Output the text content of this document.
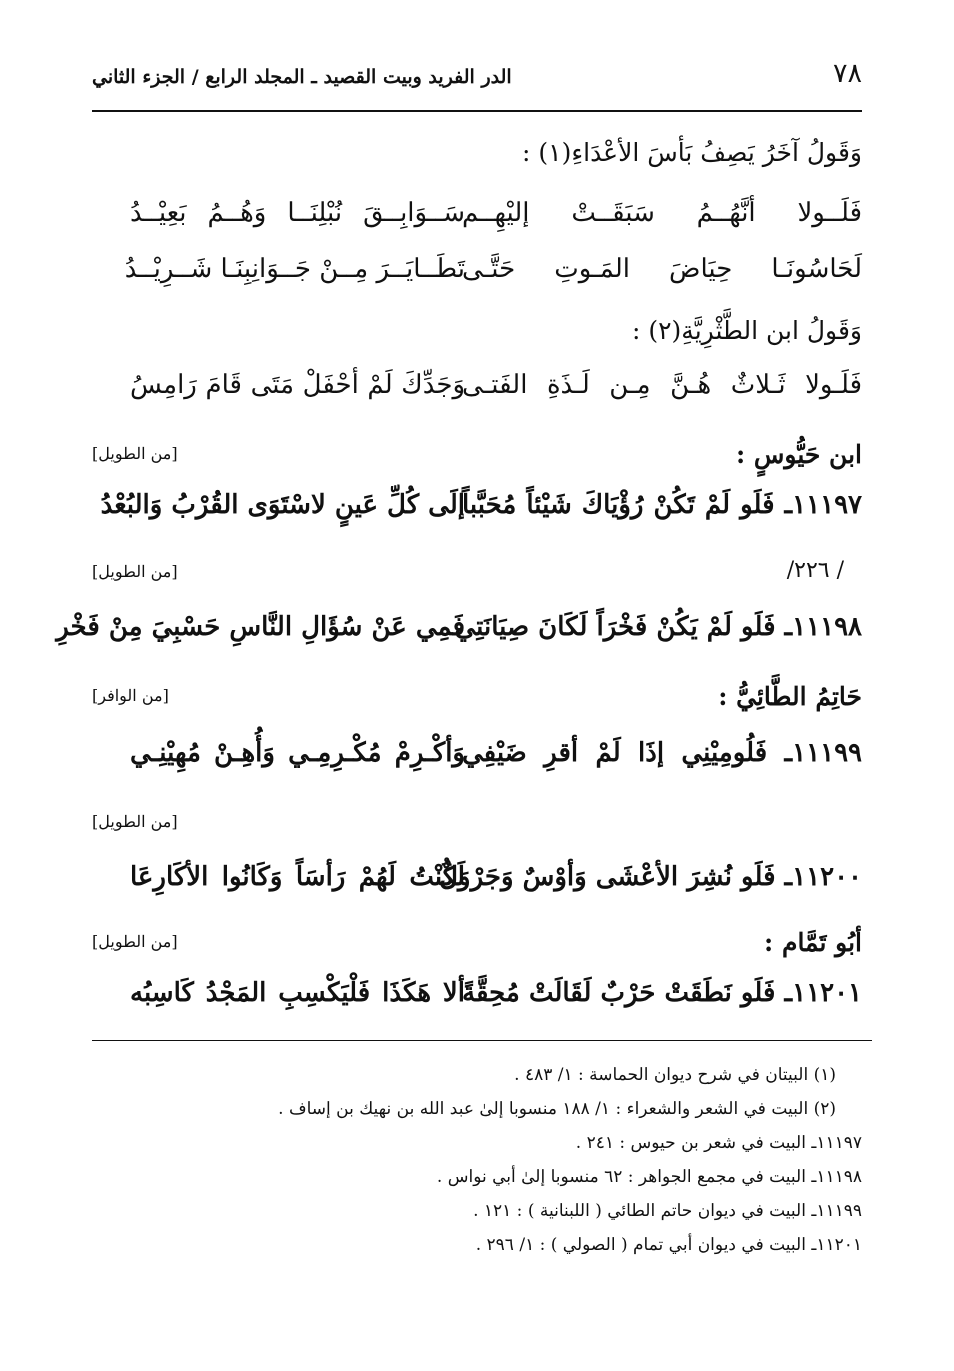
٧٨
الدر الفريد وبيت القصيد ـ المجلد الرابع / الجزء الثاني
وَقَولُ آخَرُ يَصِفُ بَأسَ الأعْدَاءِ(١) :
فَلَــولا أنَّهُــمُ سَبَقَــتْ إليْهِــم
سَــوَابِــقَ نُبْلِنَــا وَهُــمُ بَعِيْــدُ
لَحَاسُونَـا حِيَاضَ المَـوتِ حَتَّـى
تَطَــايَــرَ مِــنْ جَــوَانِبِنَـا شَــرِيْــدُ
وَقَولُ ابن الطَّثْرِيَّةِ(٢) :
فَلَـولا ثَـلاثٌ هُـنَّ مِـن لَـذَةِ الفَتـى
وَجَدِّكَ لَمْ أحْفَلْ مَتَى قَامَ رَامِسُ
ابن حَيُّوسٍ :
[من الطويل]
١١١٩٧ـ فَلَو لَمْ تَكُنْ رُؤْيَاكَ شَيْئاً مُحَبَّباً
إلَى كُلِّ عَينٍ لاسْتَوَى القُرْبُ وَالبُعْدُ
/ ٢٢٦/
[من الطويل]
١١١٩٨ـ فَلَو لَمْ يَكُنْ فَخْرَاً لَكَانَ صِيَانَتِي
فَمِي عَنْ سُؤَالِ النَّاسِ حَسْبِيَ مِنْ فَخْرِ
حَاتِمُ الطَّائِيُّ :
[من الوافر]
١١١٩٩ـ فَلُومِيْنِي إذَا لَمْ أقرِ ضَيْفِي
وَأكْـرِمْ مُكْـرِمِـي وَأُهِـنْ مُهِيْنِـي
[من الطويل]
١١٢٠٠ـ فَلَو نُشِرَ الأعْشَى وَأوْسٌ وَجَرْوَلٌ
لَكُنْتُ لَهُمْ رَأسَاً وَكَانُوا الأكَارِعَا
أبُو تَمَّام :
[من الطويل]
١١٢٠١ـ فَلَو نَطَقَتْ حَرْبٌ لَقَالَتْ مُحِقَّةً
ألا هَكَذَا فَلْيَكْسِبِ المَجْدُ كَاسِبُه
(١) البيتان في شرح ديوان الحماسة : ١/ ٤٨٣ .
(٢) البيت في الشعر والشعراء : ١/ ١٨٨ منسوبا إلىٰ عبد الله بن نهيك بن إساف .
١١١٩٧ـ البيت في شعر بن حيوس : ٢٤١ .
١١١٩٨ـ البيت في مجمع الجواهر : ٦٢ منسوبا إلىٰ أبي نواس .
١١١٩٩ـ البيت في ديوان حاتم الطائي ( اللبنانية ) : ١٢١ .
١١٢٠١ـ البيت في ديوان أبي تمام ( الصولي ) : ١/ ٢٩٦ .
